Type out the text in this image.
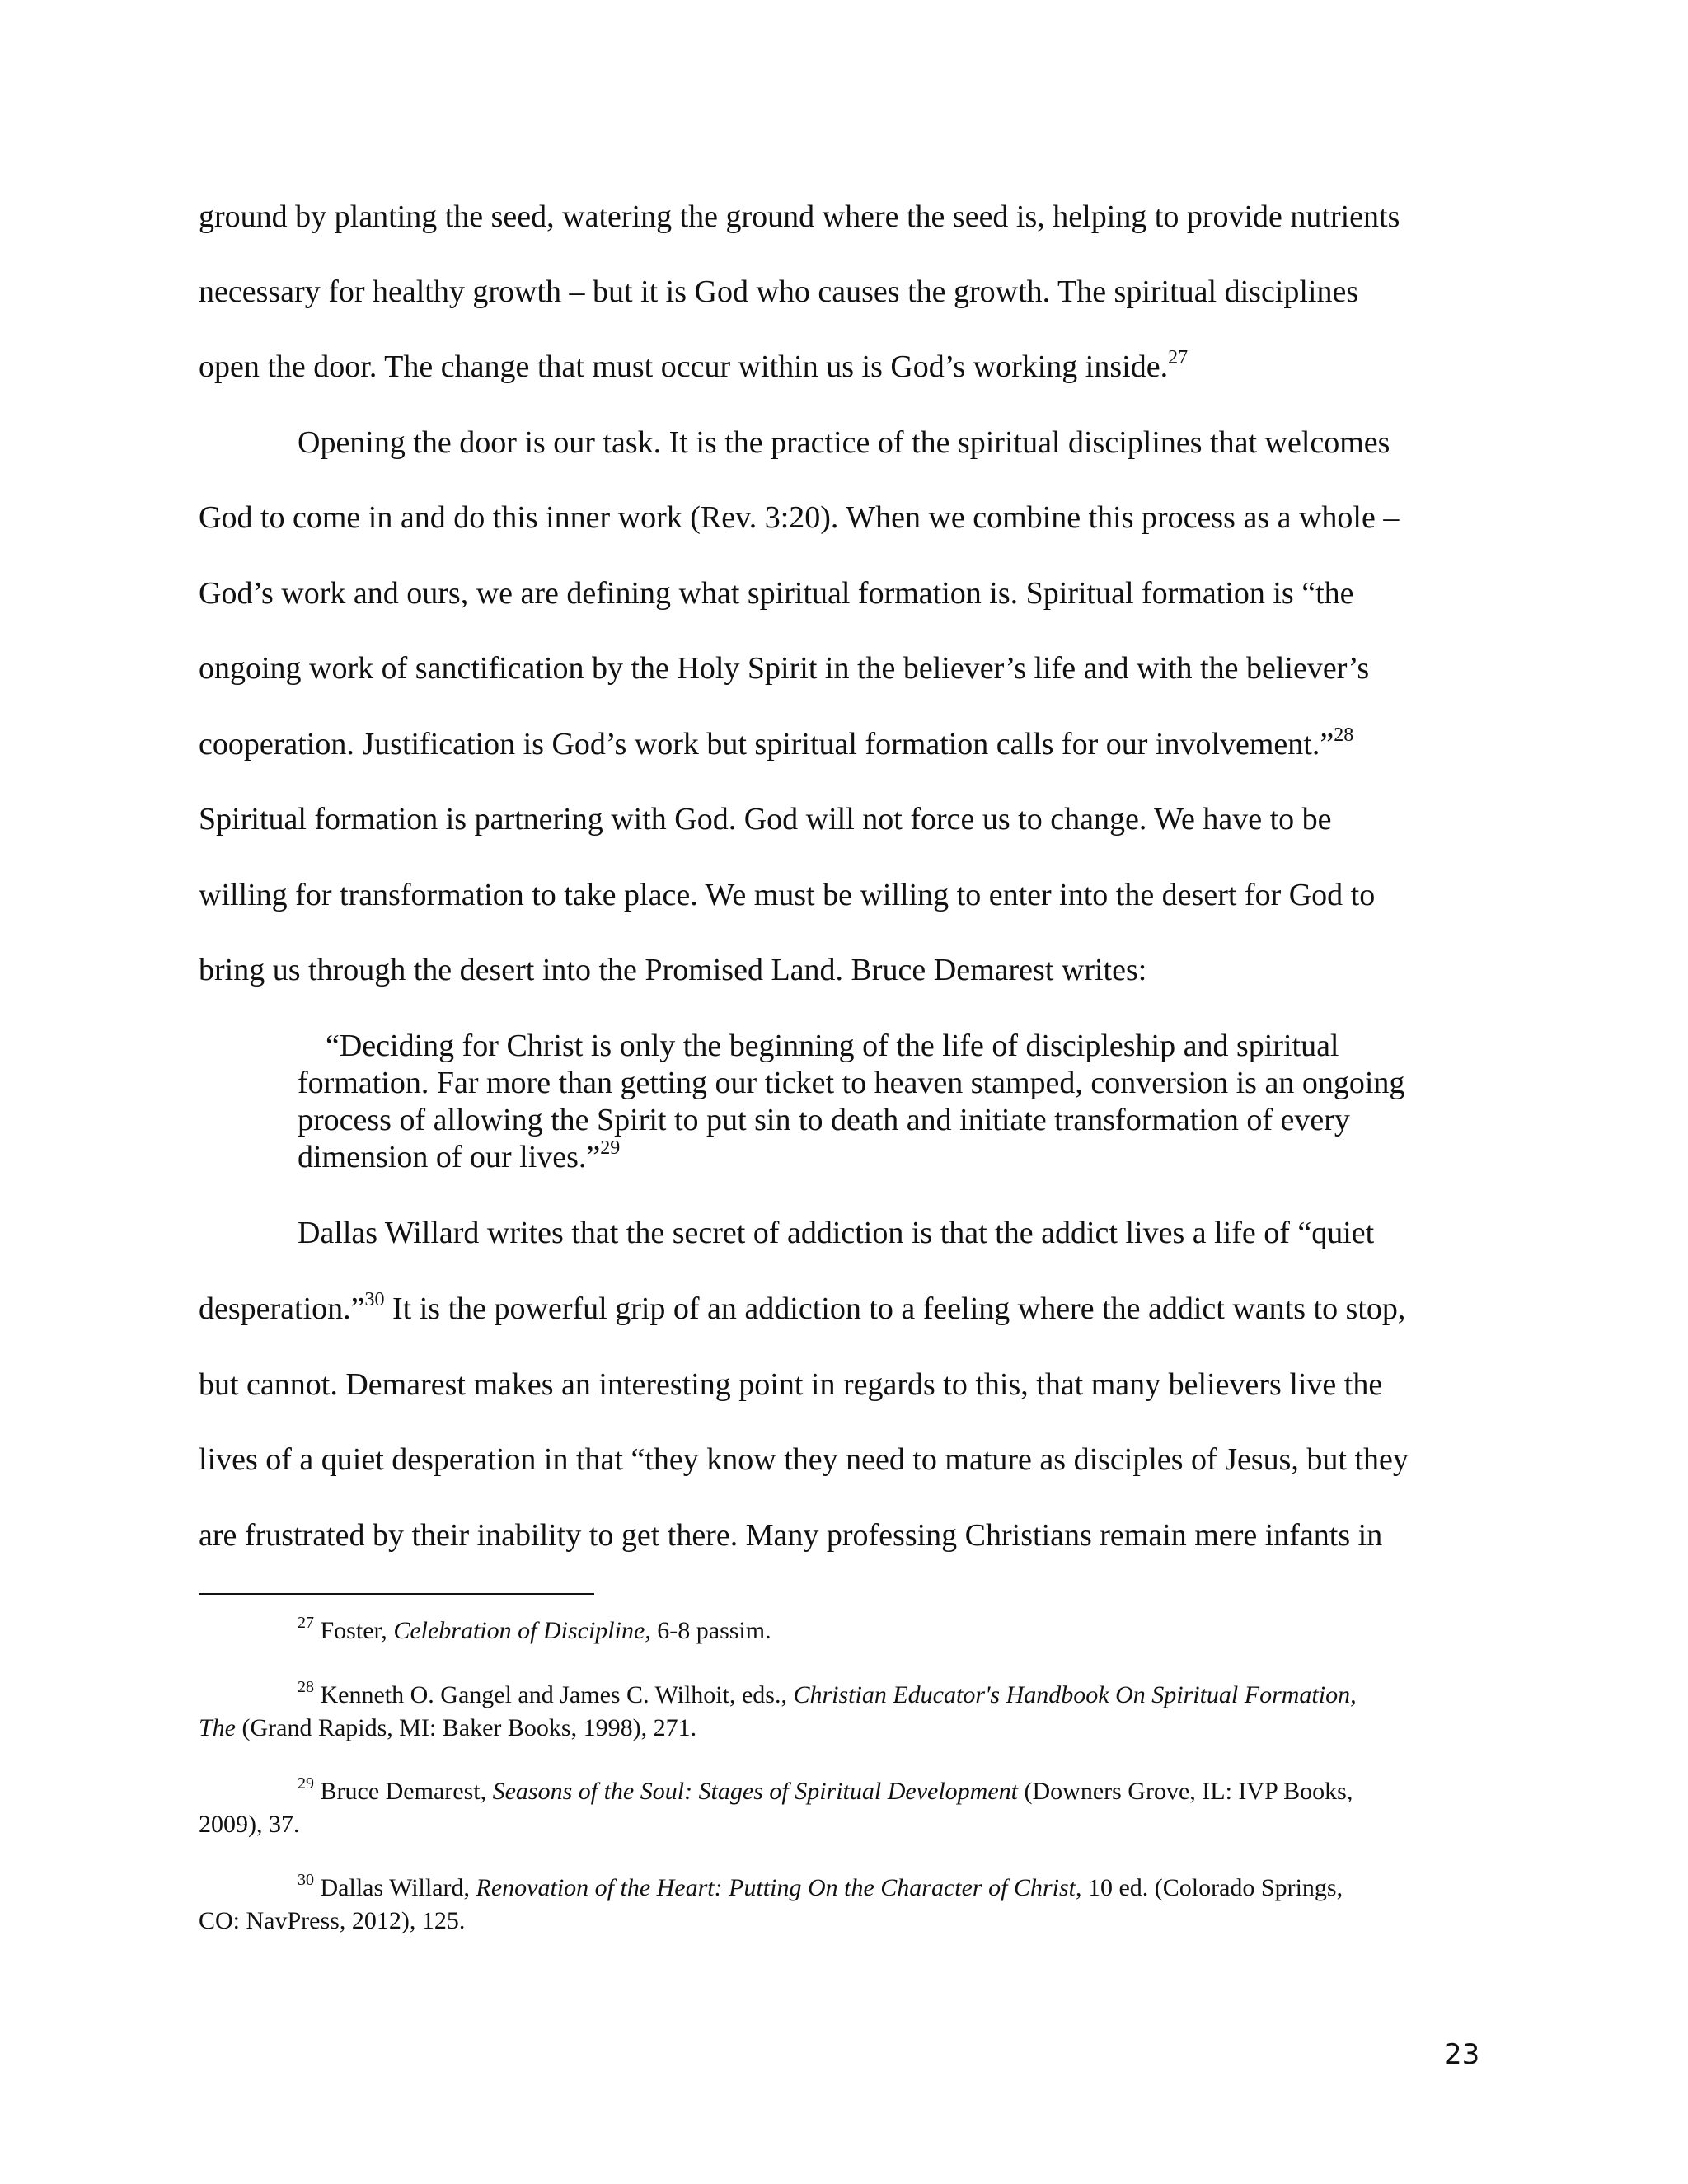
ground by planting the seed, watering the ground where the seed is, helping to provide nutrients
necessary for healthy growth – but it is God who causes the growth. The spiritual disciplines
open the door. The change that must occur within us is God’s working inside.$^{27}$
Opening the door is our task. It is the practice of the spiritual disciplines that welcomes
God to come in and do this inner work (Rev. 3:20). When we combine this process as a whole –
God’s work and ours, we are defining what spiritual formation is. Spiritual formation is “the
ongoing work of sanctification by the Holy Spirit in the believer’s life and with the believer’s
cooperation. Justification is God’s work but spiritual formation calls for our involvement.”$^{28}$
Spiritual formation is partnering with God. God will not force us to change. We have to be
willing for transformation to take place. We must be willing to enter into the desert for God to
bring us through the desert into the Promised Land. Bruce Demarest writes:
“Deciding for Christ is only the beginning of the life of discipleship and spiritual
formation. Far more than getting our ticket to heaven stamped, conversion is an ongoing
process of allowing the Spirit to put sin to death and initiate transformation of every
dimension of our lives.”$^{29}$
Dallas Willard writes that the secret of addiction is that the addict lives a life of “quiet
desperation.”$^{30}$ It is the powerful grip of an addiction to a feeling where the addict wants to stop,
but cannot. Demarest makes an interesting point in regards to this, that many believers live the
lives of a quiet desperation in that “they know they need to mature as disciples of Jesus, but they
are frustrated by their inability to get there. Many professing Christians remain mere infants in
$^{27}$ Foster, Celebration of Discipline, 6-8 passim.
$^{28}$ Kenneth O. Gangel and James C. Wilhoit, eds., Christian Educator's Handbook On Spiritual Formation,
The (Grand Rapids, MI: Baker Books, 1998), 271.
$^{29}$ Bruce Demarest, Seasons of the Soul: Stages of Spiritual Development (Downers Grove, IL: IVP Books,
2009), 37.
$^{30}$ Dallas Willard, Renovation of the Heart: Putting On the Character of Christ, 10 ed. (Colorado Springs,
CO: NavPress, 2012), 125.
23
